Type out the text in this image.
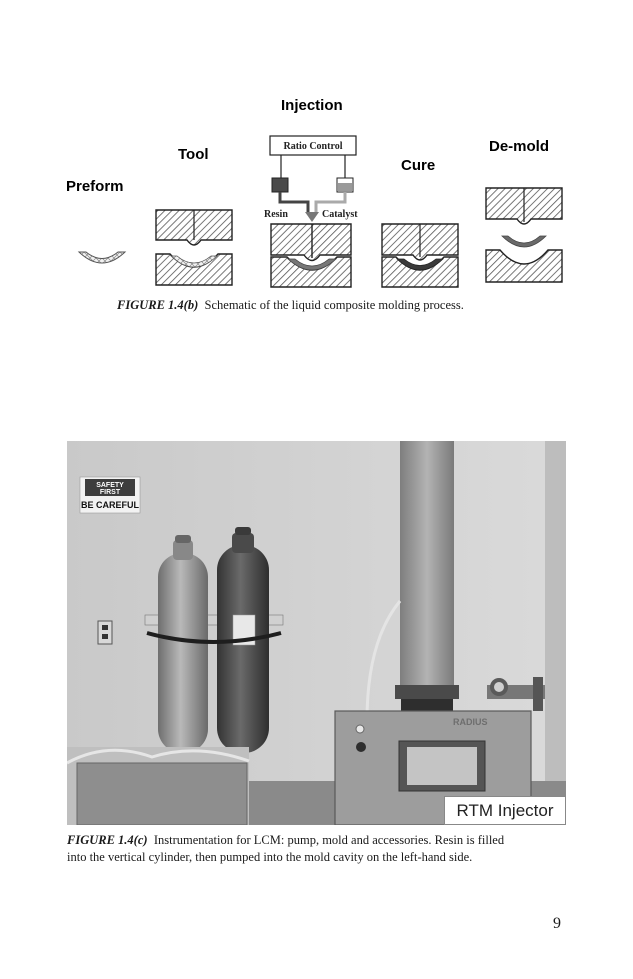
Preform
Tool
Injection
Cure
De-mold
Ratio Control
Resin	Catalyst
FIGURE 1.4(b) Schematic of the liquid composite molding process.
SAFETY
FIRST
BE CAREFUL
RADIUS
RTM Injector
FIGURE 1.4(c) Instrumentation for LCM: pump, mold and accessories. Resin is filled
into the vertical cylinder, then pumped into the mold cavity on the left-hand side.
9
